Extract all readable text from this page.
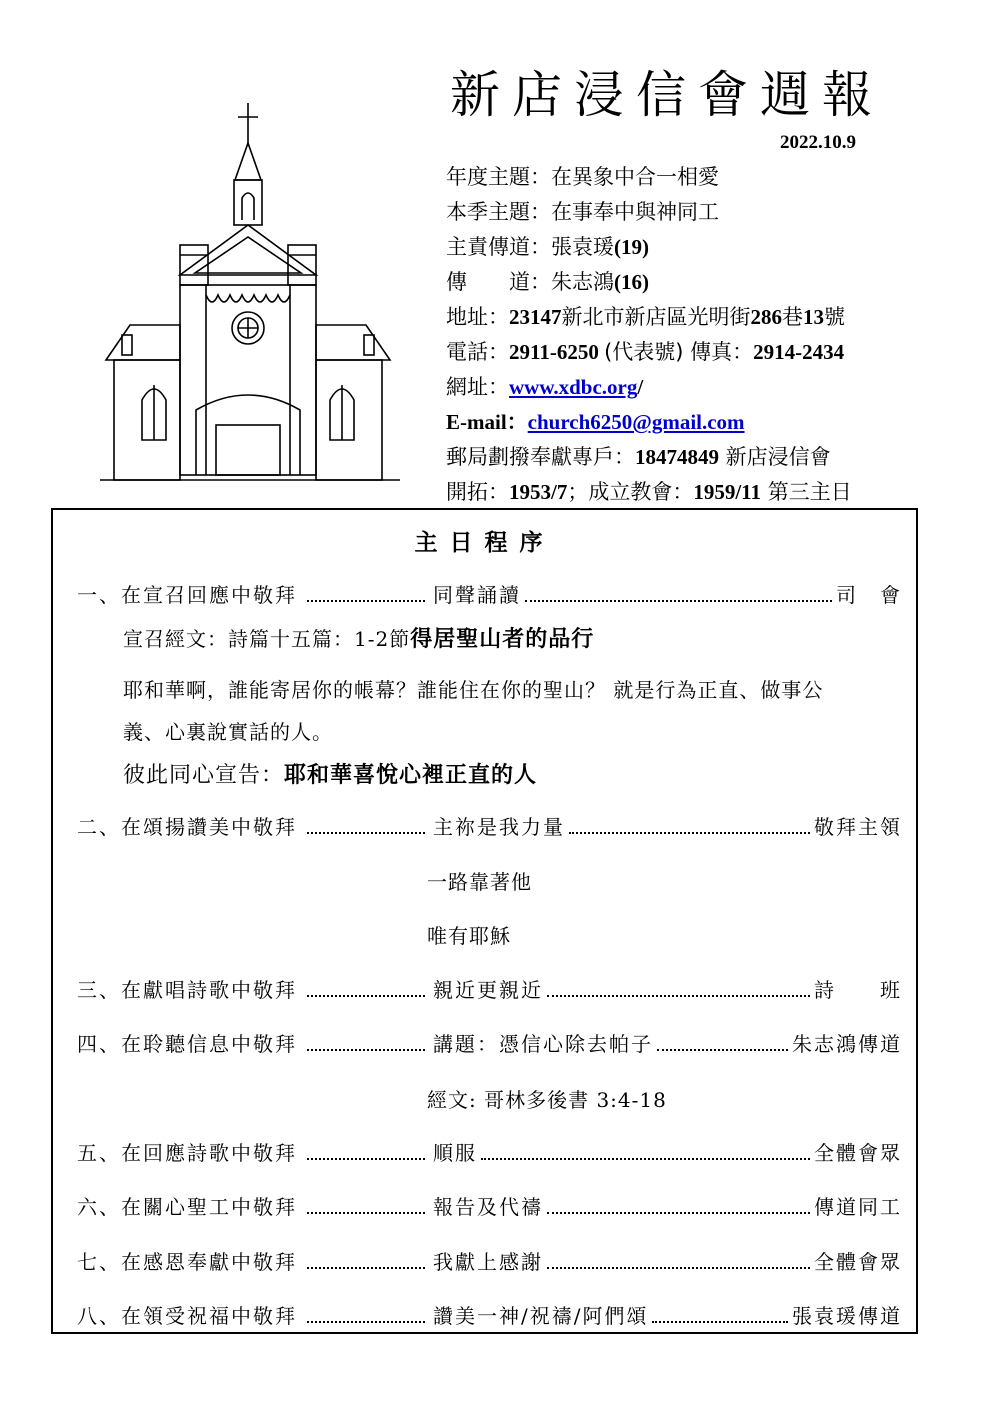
新店浸信會週報
2022.10.9
年度主題：在異象中合一相愛
本季主題：在事奉中與神同工
主責傳道：張袁瑗(19)
傳　　道：朱志鴻(16)
地址：23147新北市新店區光明街286巷13號
電話：2911-6250 (代表號) 傳真：2914-2434
網址：www.xdbc.org/
E-mail：church6250@gmail.com
郵局劃撥奉獻專戶：18474849 新店浸信會
開拓：1953/7；成立教會：1959/11 第三主日
主日程序
一、在宣召回應中敬拜	同聲誦讀	司　會
宣召經文：詩篇十五篇：1-2節得居聖山者的品行
耶和華啊，誰能寄居你的帳幕？誰能住在你的聖山？ 就是行為正直、做事公
義、心裏說實話的人。
彼此同心宣告：耶和華喜悅心裡正直的人
二、在頌揚讚美中敬拜	主祢是我力量	敬拜主領
一路靠著他
唯有耶穌
三、在獻唱詩歌中敬拜	親近更親近	詩　　班
四、在聆聽信息中敬拜	講題：憑信心除去帕子	朱志鴻傳道
經文: 哥林多後書 3:4-18
五、在回應詩歌中敬拜	順服	全體會眾
六、在關心聖工中敬拜	報告及代禱	傳道同工
七、在感恩奉獻中敬拜	我獻上感謝	全體會眾
八、在領受祝福中敬拜	讚美一神/祝禱/阿們頌	張袁瑗傳道
